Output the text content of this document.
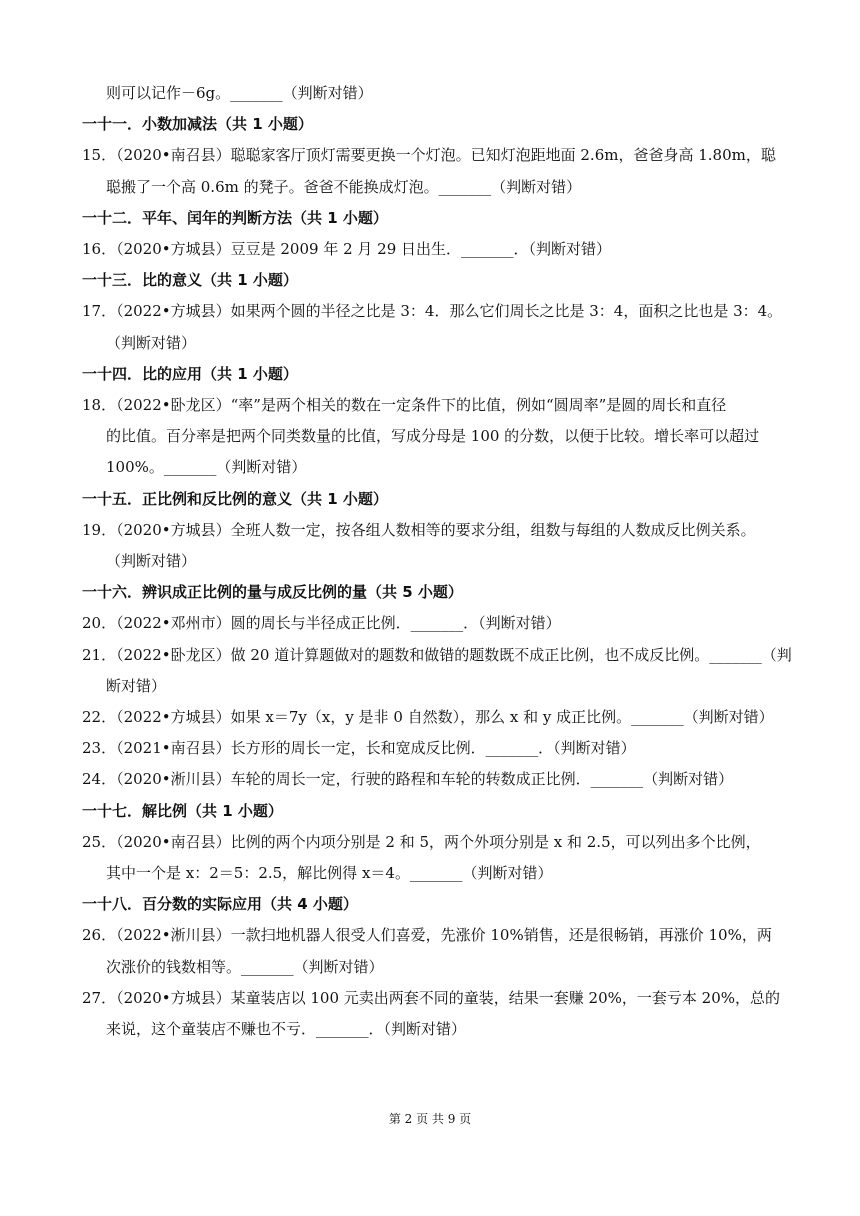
则可以记作－6g。_______（判断对错）
一十一．小数加减法（共 1 小题）
15．（2020•南召县）聪聪家客厅顶灯需要更换一个灯泡。已知灯泡距地面 2.6m，爸爸身高 1.80m，聪
聪搬了一个高 0.6m 的凳子。爸爸不能换成灯泡。_______（判断对错）
一十二．平年、闰年的判断方法（共 1 小题）
16．（2020•方城县）豆豆是 2009 年 2 月 29 日出生．_______．（判断对错）
一十三．比的意义（共 1 小题）
17．（2022•方城县）如果两个圆的半径之比是 3：4．那么它们周长之比是 3：4，面积之比也是 3：4。
（判断对错）
一十四．比的应用（共 1 小题）
18．（2022•卧龙区）“率”是两个相关的数在一定条件下的比值，例如“圆周率”是圆的周长和直径
的比值。百分率是把两个同类数量的比值，写成分母是 100 的分数，以便于比较。增长率可以超过
100%。_______（判断对错）
一十五．正比例和反比例的意义（共 1 小题）
19．（2020•方城县）全班人数一定，按各组人数相等的要求分组，组数与每组的人数成反比例关系。
（判断对错）
一十六．辨识成正比例的量与成反比例的量（共 5 小题）
20．（2022•邓州市）圆的周长与半径成正比例．_______．（判断对错）
21．（2022•卧龙区）做 20 道计算题做对的题数和做错的题数既不成正比例，也不成反比例。_______（判
断对错）
22．（2022•方城县）如果 x＝7y（x，y 是非 0 自然数），那么 x 和 y 成正比例。_______（判断对错）
23．（2021•南召县）长方形的周长一定，长和宽成反比例．_______．（判断对错）
24．（2020•淅川县）车轮的周长一定，行驶的路程和车轮的转数成正比例．_______（判断对错）
一十七．解比例（共 1 小题）
25．（2020•南召县）比例的两个内项分别是 2 和 5，两个外项分别是 x 和 2.5，可以列出多个比例，
其中一个是 x：2＝5：2.5，解比例得 x＝4。_______（判断对错）
一十八．百分数的实际应用（共 4 小题）
26．（2022•淅川县）一款扫地机器人很受人们喜爱，先涨价 10%销售，还是很畅销，再涨价 10%，两
次涨价的钱数相等。_______（判断对错）
27．（2020•方城县）某童装店以 100 元卖出两套不同的童装，结果一套赚 20%，一套亏本 20%，总的
来说，这个童装店不赚也不亏．_______．（判断对错）
第 2 页 共 9 页
